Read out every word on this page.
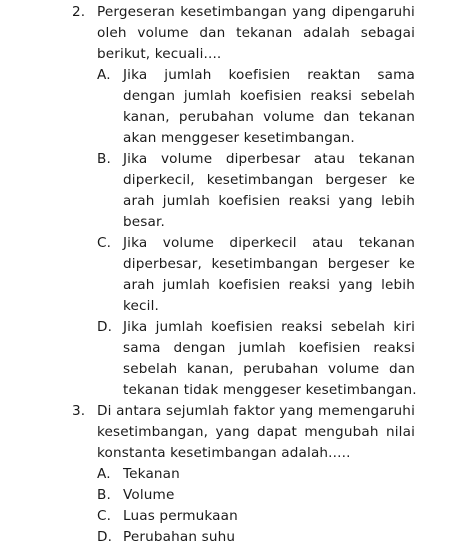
2. Pergeseran kesetimbangan yang dipengaruhi
oleh volume dan tekanan adalah sebagai
berikut, kecuali....
A. Jika jumlah koefisien reaktan sama
dengan jumlah koefisien reaksi sebelah
kanan, perubahan volume dan tekanan
akan menggeser kesetimbangan.
B. Jika volume diperbesar atau tekanan
diperkecil, kesetimbangan bergeser ke
arah jumlah koefisien reaksi yang lebih
besar.
C. Jika volume diperkecil atau tekanan
diperbesar, kesetimbangan bergeser ke
arah jumlah koefisien reaksi yang lebih
kecil.
D. Jika jumlah koefisien reaksi sebelah kiri
sama dengan jumlah koefisien reaksi
sebelah kanan, perubahan volume dan
tekanan tidak menggeser kesetimbangan.
3. Di antara sejumlah faktor yang memengaruhi
kesetimbangan, yang dapat mengubah nilai
konstanta kesetimbangan adalah.....
A. Tekanan
B. Volume
C. Luas permukaan
D. Perubahan suhu
